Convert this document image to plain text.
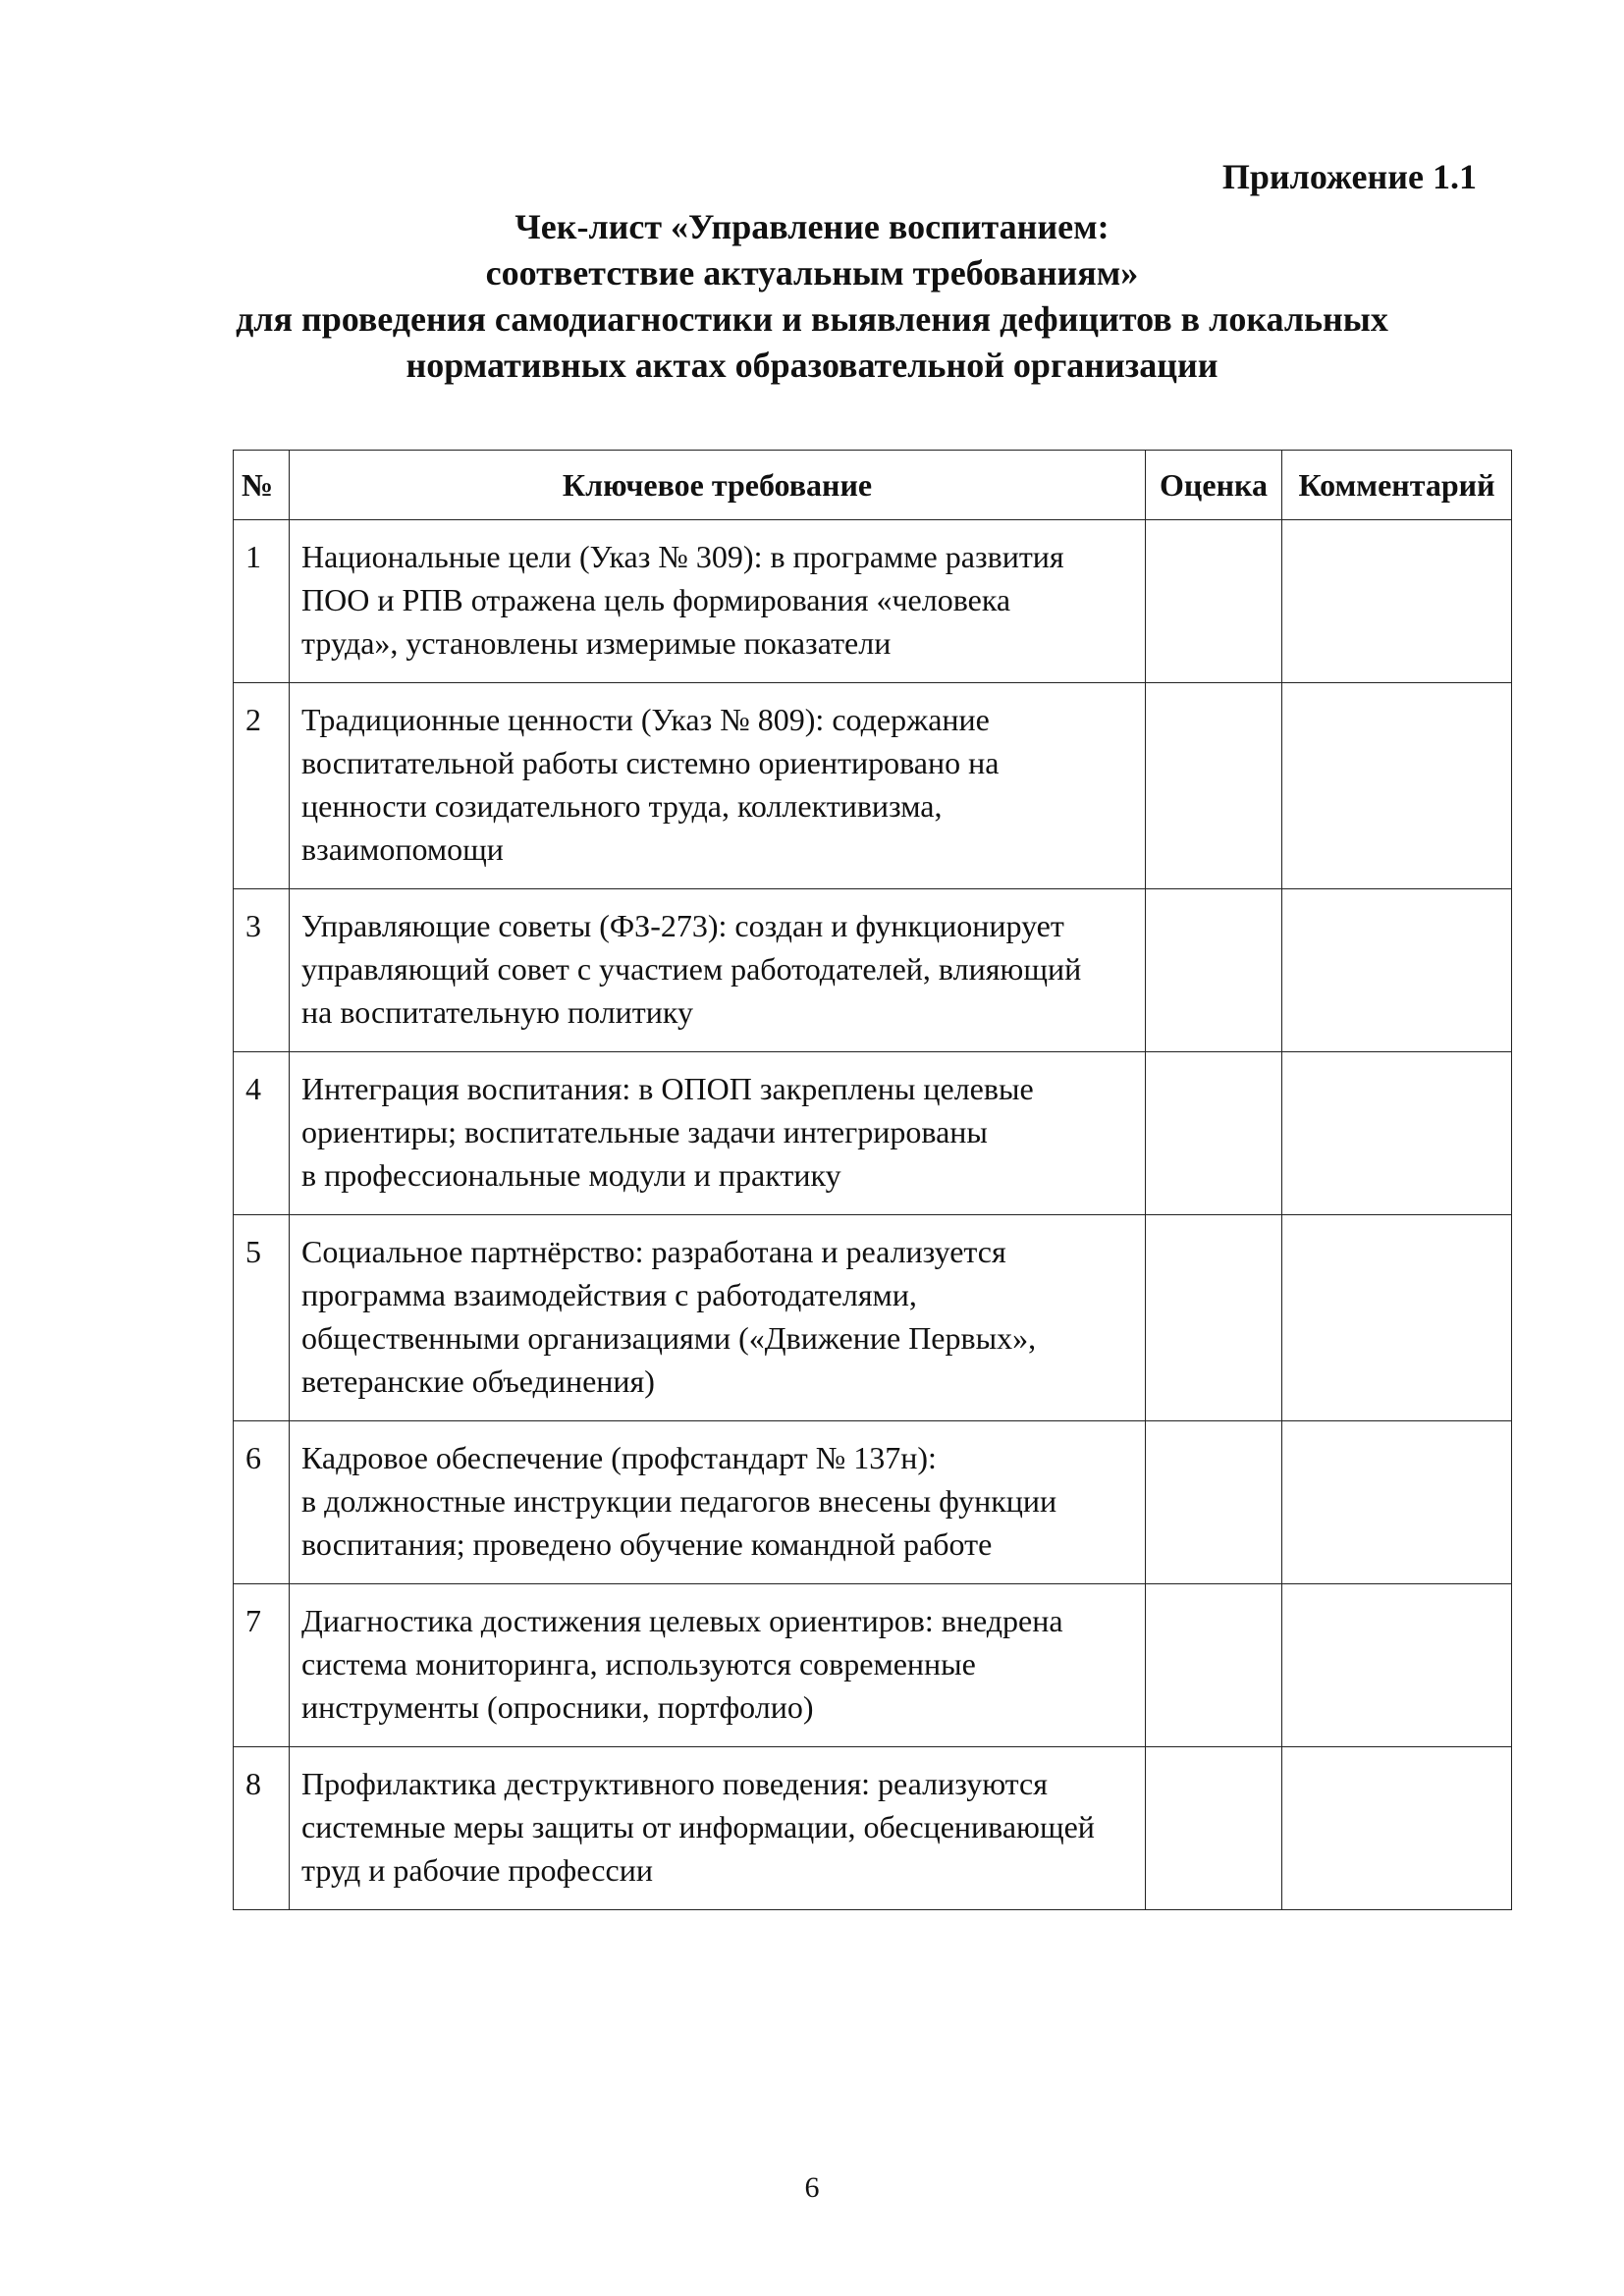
Приложение 1.1
Чек-лист «Управление воспитанием:
соответствие актуальным требованиям»
для проведения самодиагностики и выявления дефицитов в локальных
нормативных актах образовательной организации
№	Ключевое требование	Оценка	Комментарий
1	Национальные цели (Указ № 309): в программе развития
ПОО и РПВ отражена цель формирования «человека
труда», установлены измеримые показатели		

2	Традиционные ценности (Указ № 809): содержание
воспитательной работы системно ориентировано на
ценности созидательного труда, коллективизма,
взаимопомощи		

3	Управляющие советы (ФЗ-273): создан и функционирует
управляющий совет с участием работодателей, влияющий
на воспитательную политику		

4	Интеграция воспитания: в ОПОП закреплены целевые
ориентиры; воспитательные задачи интегрированы
в профессиональные модули и практику		

5	Социальное партнёрство: разработана и реализуется
программа взаимодействия с работодателями,
общественными организациями («Движение Первых»,
ветеранские объединения)		

6	Кадровое обеспечение (профстандарт № 137н):
в должностные инструкции педагогов внесены функции
воспитания; проведено обучение командной работе		

7	Диагностика достижения целевых ориентиров: внедрена
система мониторинга, используются современные
инструменты (опросники, портфолио)		

8	Профилактика деструктивного поведения: реализуются
системные меры защиты от информации, обесценивающей
труд и рабочие профессии		

6
